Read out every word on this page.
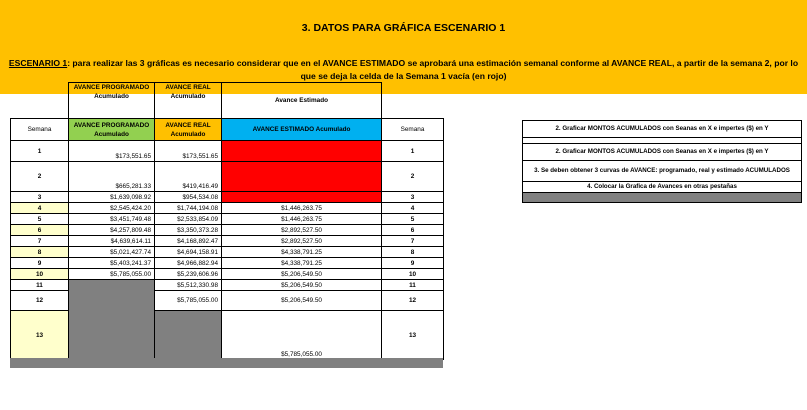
3. DATOS PARA GRÁFICA ESCENARIO 1
ESCENARIO 1: para realizar las 3 gráficas es necesario considerar que en el AVANCE ESTIMADO se aprobará una estimación semanal conforme al AVANCE REAL, a partir de la semana 2, por lo que se deja la celda de la Semana 1 vacía (en rojo)
	AVANCE PROGRAMADO Acumulado	AVANCE REAL Acumulado	Avance Estimado	
Semana	AVANCE PROGRAMADO Acumulado	AVANCE REAL Acumulado	AVANCE ESTIMADO Acumulado	Semana
1	$173,551.65	$173,551.65	$	1
2	$665,281.33	$419,416.49	$	2
3	$1,639,098.92	$954,534.08	$	3
4	$2,545,424.20	$1,744,194.08	$1,446,263.75	4
5	$3,451,749.48	$2,533,854.09	$1,446,263.75	5
6	$4,257,809.48	$3,350,373.28	$2,892,527.50	6
7	$4,639,614.11	$4,168,892.47	$2,892,527.50	7
8	$5,021,427.74	$4,694,158.91	$4,338,791.25	8
9	$5,403,241.37	$4,966,882.94	$4,338,791.25	9
10	$5,785,055.00	$5,239,606.96	$5,206,549.50	10
11		$5,512,330.98	$5,206,549.50	11
12		$5,785,055.00	$5,206,549.50	12
13			$5,785,055.00	13
2. Graficar MONTOS ACUMULADOS con Seanas en X e impertes ($) en Y

2. Graficar MONTOS ACUMULADOS con Seanas en X e impertes ($) en Y
3. Se deben obtener 3 curvas de AVANCE: programado, real y estimado ACUMULADOS
4. Colocar la Grafica de Avances en otras pestañas
